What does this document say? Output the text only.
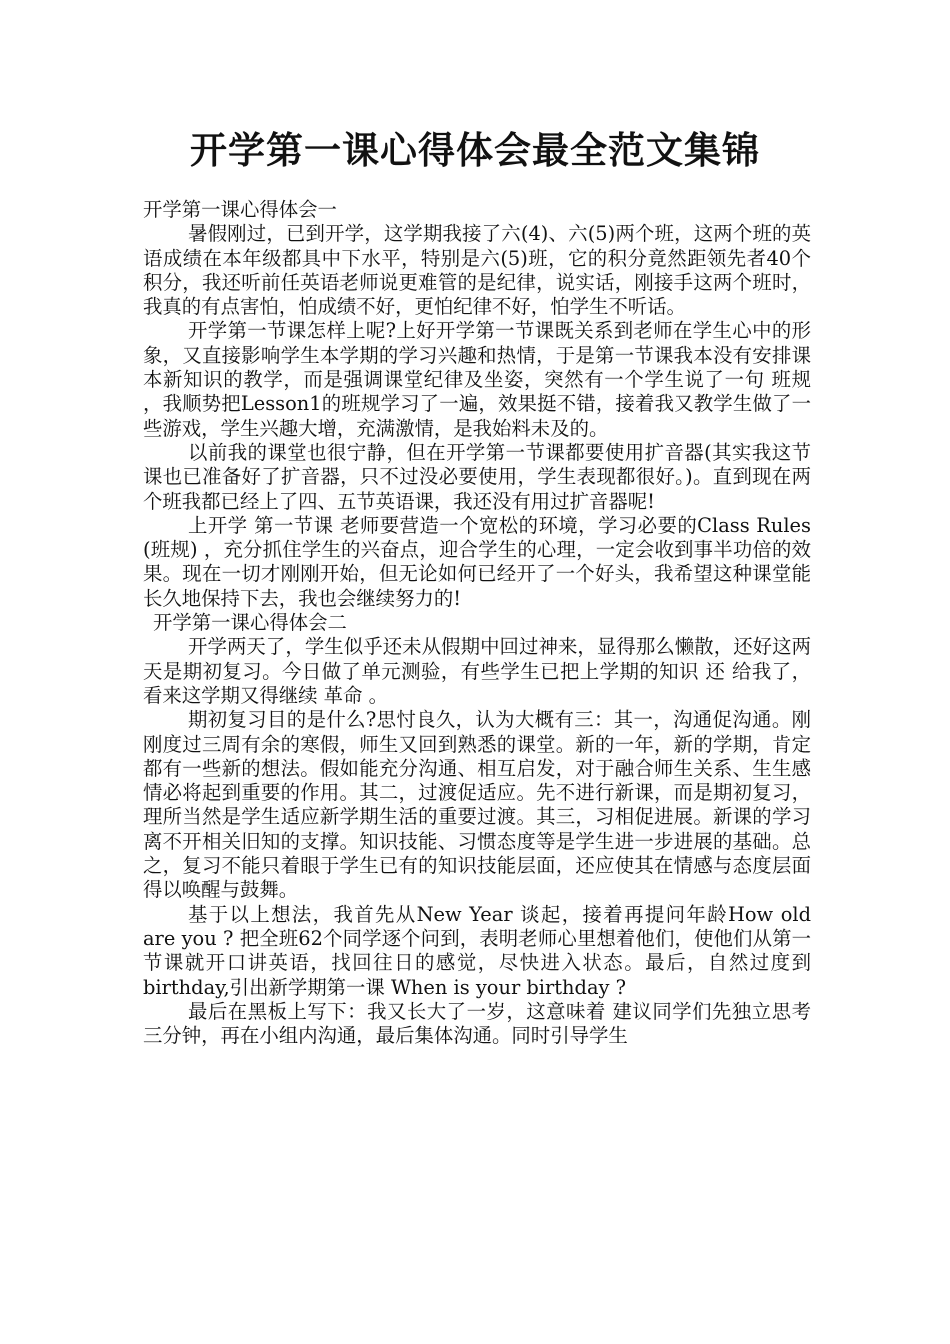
开学第一课心得体会最全范文集锦

开学第一课心得体会一

暑假刚过，已到开学，这学期我接了六(4)、六(5)两个班，这两个班的英语成绩在本年级都具中下水平，特别是六(5)班，它的积分竟然距领先者40个积分，我还听前任英语老师说更难管的是纪律，说实话，刚接手这两个班时，我真的有点害怕，怕成绩不好，更怕纪律不好，怕学生不听话。

开学第一节课怎样上呢?上好开学第一节课既关系到老师在学生心中的形象，又直接影响学生本学期的学习兴趣和热情，于是第一节课我本没有安排课本新知识的教学，而是强调课堂纪律及坐姿，突然有一个学生说了一句 班规 ，我顺势把Lesson1的班规学习了一遍，效果挺不错，接着我又教学生做了一些游戏，学生兴趣大增，充满激情，是我始料未及的。

以前我的课堂也很宁静，但在开学第一节课都要使用扩音器(其实我这节课也已准备好了扩音器，只不过没必要使用，学生表现都很好。)。直到现在两个班我都已经上了四、五节英语课，我还没有用过扩音器呢!

上开学 第一节课 老师要营造一个宽松的环境，学习必要的Class Rules (班规) ，充分抓住学生的兴奋点，迎合学生的心理，一定会收到事半功倍的效果。现在一切才刚刚开始，但无论如何已经开了一个好头，我希望这种课堂能长久地保持下去，我也会继续努力的!

开学第一课心得体会二

开学两天了，学生似乎还未从假期中回过神来，显得那么懒散，还好这两天是期初复习。今日做了单元测验，有些学生已把上学期的知识 还 给我了，看来这学期又得继续 革命 。

期初复习目的是什么?思忖良久，认为大概有三：其一，沟通促沟通。刚刚度过三周有余的寒假，师生又回到熟悉的课堂。新的一年，新的学期，肯定都有一些新的想法。假如能充分沟通、相互启发，对于融合师生关系、生生感情必将起到重要的作用。其二，过渡促适应。先不进行新课，而是期初复习，理所当然是学生适应新学期生活的重要过渡。其三，习相促进展。新课的学习离不开相关旧知的支撑。知识技能、习惯态度等是学生进一步进展的基础。总之，复习不能只着眼于学生已有的知识技能层面，还应使其在情感与态度层面得以唤醒与鼓舞。

基于以上想法，我首先从New Year 谈起，接着再提问年龄How old are you ? 把全班62个同学逐个问到，表明老师心里想着他们，使他们从第一节课就开口讲英语，找回往日的感觉，尽快进入状态。最后，自然过度到birthday,引出新学期第一课 When is your birthday ?

最后在黑板上写下：我又长大了一岁，这意味着 建议同学们先独立思考三分钟，再在小组内沟通，最后集体沟通。同时引导学生
